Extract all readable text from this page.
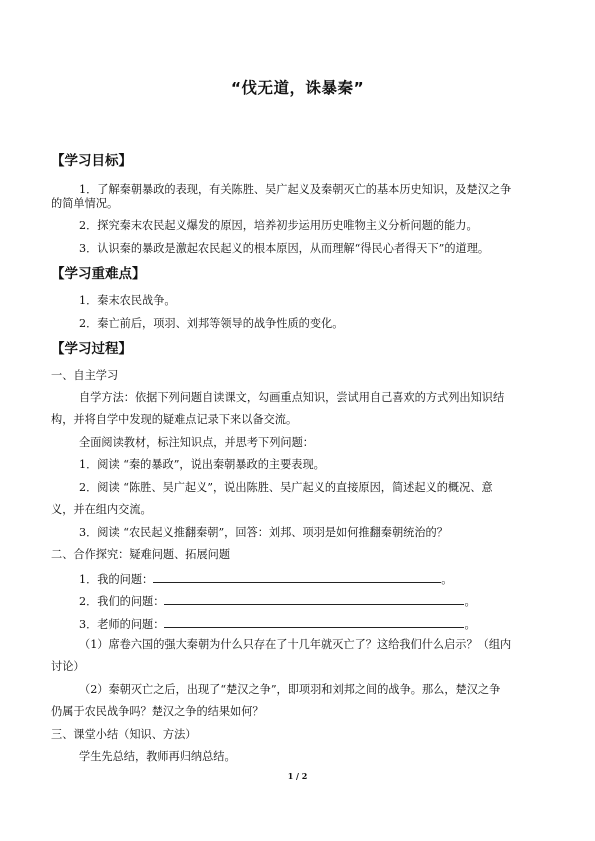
“伐无道，诛暴秦”
【学习目标】
1．了解秦朝暴政的表现，有关陈胜、吴广起义及秦朝灭亡的基本历史知识，及楚汉之争
的简单情况。
2．探究秦末农民起义爆发的原因，培养初步运用历史唯物主义分析问题的能力。
3．认识秦的暴政是激起农民起义的根本原因，从而理解“得民心者得天下”的道理。
【学习重难点】
1．秦末农民战争。
2．秦亡前后，项羽、刘邦等领导的战争性质的变化。
【学习过程】
一、自主学习
自学方法：依据下列问题自读课文，勾画重点知识，尝试用自己喜欢的方式列出知识结
构，并将自学中发现的疑难点记录下来以备交流。
全面阅读教材，标注知识点，并思考下列问题：
1．阅读 “秦的暴政”，说出秦朝暴政的主要表现。
2．阅读 “陈胜、吴广起义”，说出陈胜、吴广起义的直接原因，简述起义的概况、意
义，并在组内交流。
3．阅读 “农民起义推翻秦朝”，回答：刘邦、项羽是如何推翻秦朝统治的？
二、合作探究：疑难问题、拓展问题
1．我的问题：	。
2．我们的问题：	。
3．老师的问题：	。
（1）席卷六国的强大秦朝为什么只存在了十几年就灭亡了？这给我们什么启示？（组内
讨论）
（2）秦朝灭亡之后，出现了“楚汉之争”，即项羽和刘邦之间的战争。那么，楚汉之争
仍属于农民战争吗？楚汉之争的结果如何？
三、课堂小结（知识、方法）
学生先总结，教师再归纳总结。
1 / 2
